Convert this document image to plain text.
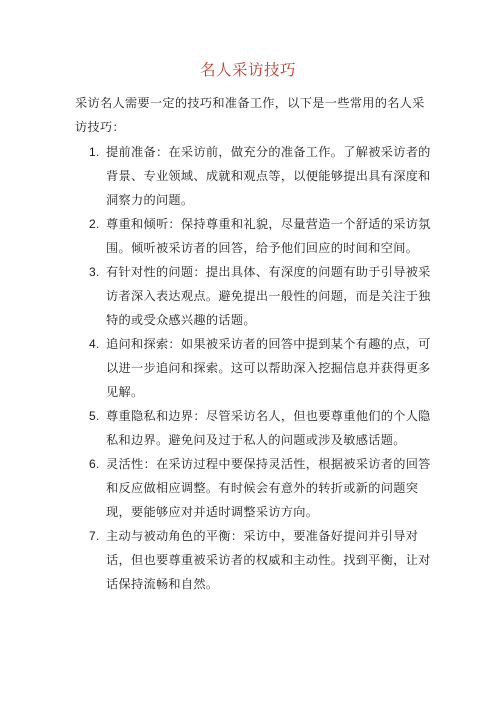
名人采访技巧
采访名人需要一定的技巧和准备工作，以下是一些常用的名人采访技巧：
1. 提前准备：在采访前，做充分的准备工作。了解被采访者的背景、专业领域、成就和观点等，以便能够提出具有深度和洞察力的问题。
2. 尊重和倾听：保持尊重和礼貌，尽量营造一个舒适的采访氛围。倾听被采访者的回答，给予他们回应的时间和空间。
3. 有针对性的问题：提出具体、有深度的问题有助于引导被采访者深入表达观点。避免提出一般性的问题，而是关注于独特的或受众感兴趣的话题。
4. 追问和探索：如果被采访者的回答中提到某个有趣的点，可以进一步追问和探索。这可以帮助深入挖掘信息并获得更多见解。
5. 尊重隐私和边界：尽管采访名人，但也要尊重他们的个人隐私和边界。避免问及过于私人的问题或涉及敏感话题。
6. 灵活性：在采访过程中要保持灵活性，根据被采访者的回答和反应做相应调整。有时候会有意外的转折或新的问题突现，要能够应对并适时调整采访方向。
7. 主动与被动角色的平衡：采访中，要准备好提问并引导对话，但也要尊重被采访者的权威和主动性。找到平衡，让对话保持流畅和自然。
